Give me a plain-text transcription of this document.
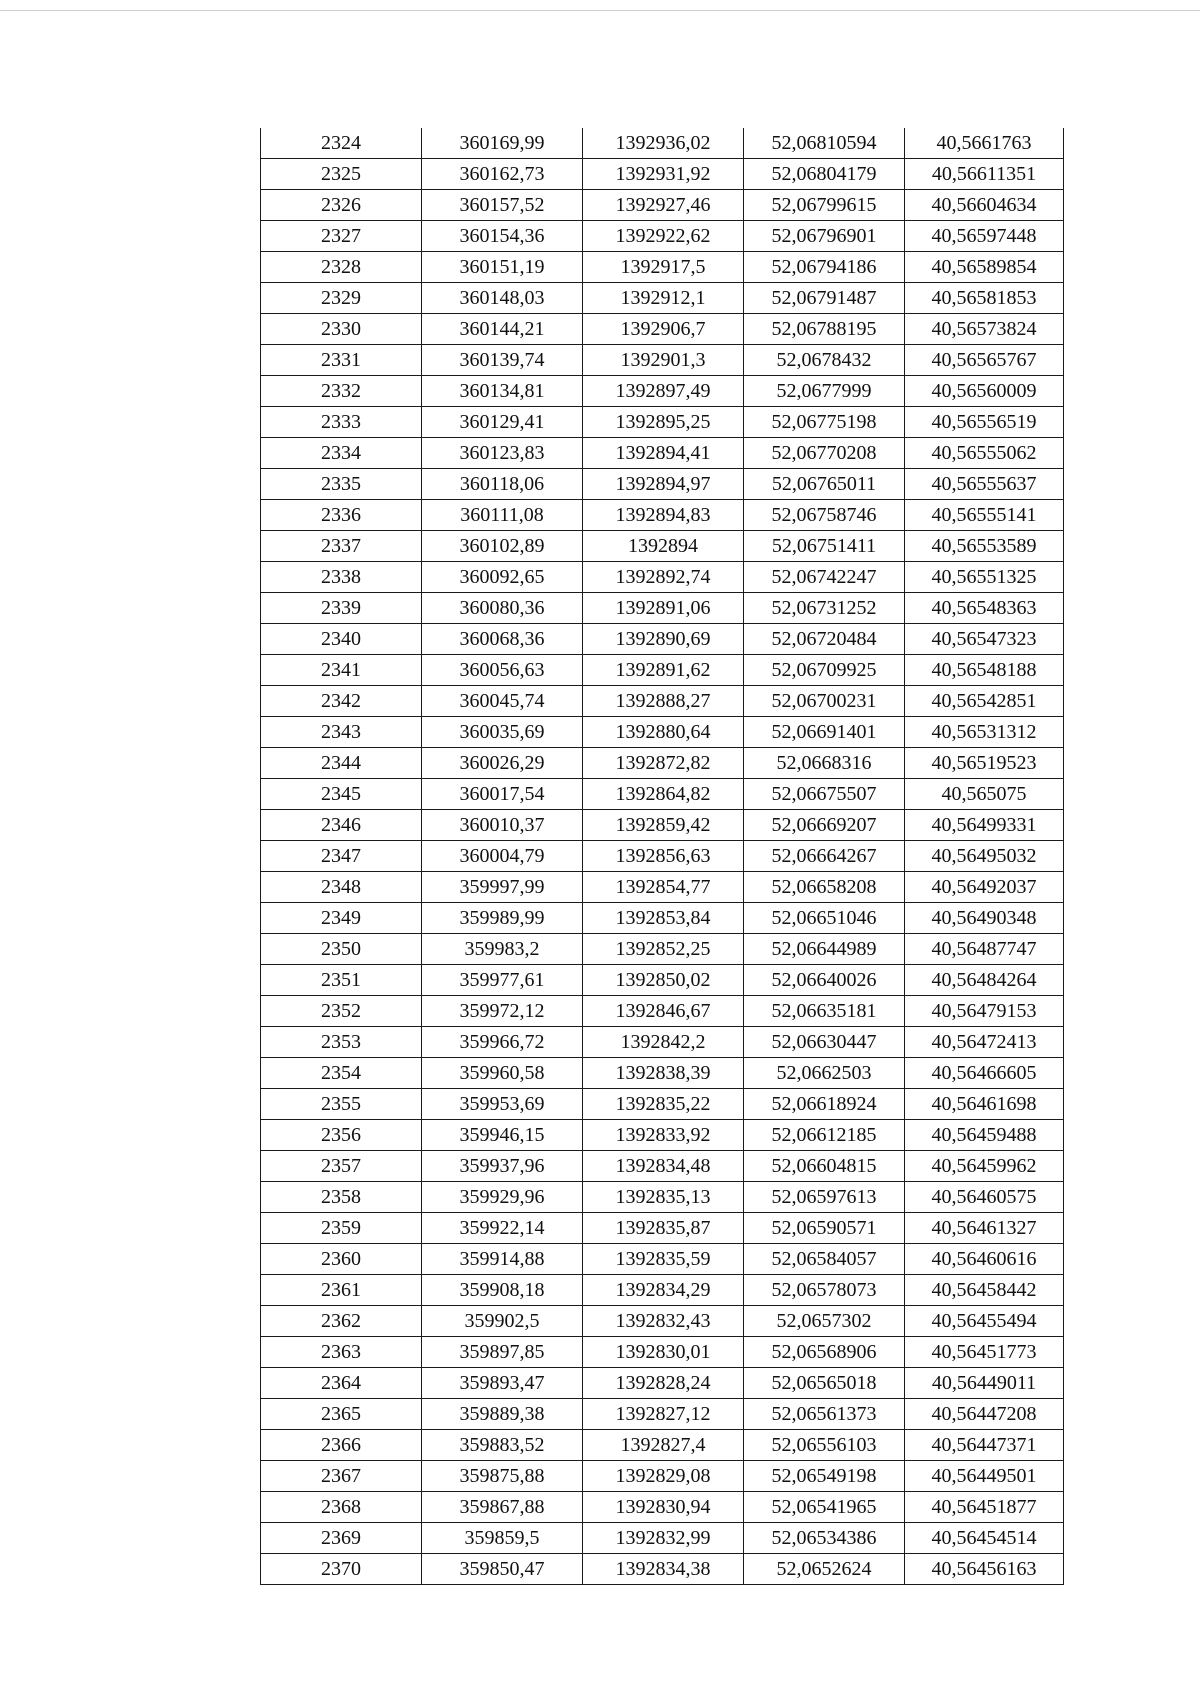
2324	360169,99	1392936,02	52,06810594	40,5661763
2325	360162,73	1392931,92	52,06804179	40,56611351
2326	360157,52	1392927,46	52,06799615	40,56604634
2327	360154,36	1392922,62	52,06796901	40,56597448
2328	360151,19	1392917,5	52,06794186	40,56589854
2329	360148,03	1392912,1	52,06791487	40,56581853
2330	360144,21	1392906,7	52,06788195	40,56573824
2331	360139,74	1392901,3	52,0678432	40,56565767
2332	360134,81	1392897,49	52,0677999	40,56560009
2333	360129,41	1392895,25	52,06775198	40,56556519
2334	360123,83	1392894,41	52,06770208	40,56555062
2335	360118,06	1392894,97	52,06765011	40,56555637
2336	360111,08	1392894,83	52,06758746	40,56555141
2337	360102,89	1392894	52,06751411	40,56553589
2338	360092,65	1392892,74	52,06742247	40,56551325
2339	360080,36	1392891,06	52,06731252	40,56548363
2340	360068,36	1392890,69	52,06720484	40,56547323
2341	360056,63	1392891,62	52,06709925	40,56548188
2342	360045,74	1392888,27	52,06700231	40,56542851
2343	360035,69	1392880,64	52,06691401	40,56531312
2344	360026,29	1392872,82	52,0668316	40,56519523
2345	360017,54	1392864,82	52,06675507	40,565075
2346	360010,37	1392859,42	52,06669207	40,56499331
2347	360004,79	1392856,63	52,06664267	40,56495032
2348	359997,99	1392854,77	52,06658208	40,56492037
2349	359989,99	1392853,84	52,06651046	40,56490348
2350	359983,2	1392852,25	52,06644989	40,56487747
2351	359977,61	1392850,02	52,06640026	40,56484264
2352	359972,12	1392846,67	52,06635181	40,56479153
2353	359966,72	1392842,2	52,06630447	40,56472413
2354	359960,58	1392838,39	52,0662503	40,56466605
2355	359953,69	1392835,22	52,06618924	40,56461698
2356	359946,15	1392833,92	52,06612185	40,56459488
2357	359937,96	1392834,48	52,06604815	40,56459962
2358	359929,96	1392835,13	52,06597613	40,56460575
2359	359922,14	1392835,87	52,06590571	40,56461327
2360	359914,88	1392835,59	52,06584057	40,56460616
2361	359908,18	1392834,29	52,06578073	40,56458442
2362	359902,5	1392832,43	52,0657302	40,56455494
2363	359897,85	1392830,01	52,06568906	40,56451773
2364	359893,47	1392828,24	52,06565018	40,56449011
2365	359889,38	1392827,12	52,06561373	40,56447208
2366	359883,52	1392827,4	52,06556103	40,56447371
2367	359875,88	1392829,08	52,06549198	40,56449501
2368	359867,88	1392830,94	52,06541965	40,56451877
2369	359859,5	1392832,99	52,06534386	40,56454514
2370	359850,47	1392834,38	52,0652624	40,56456163
